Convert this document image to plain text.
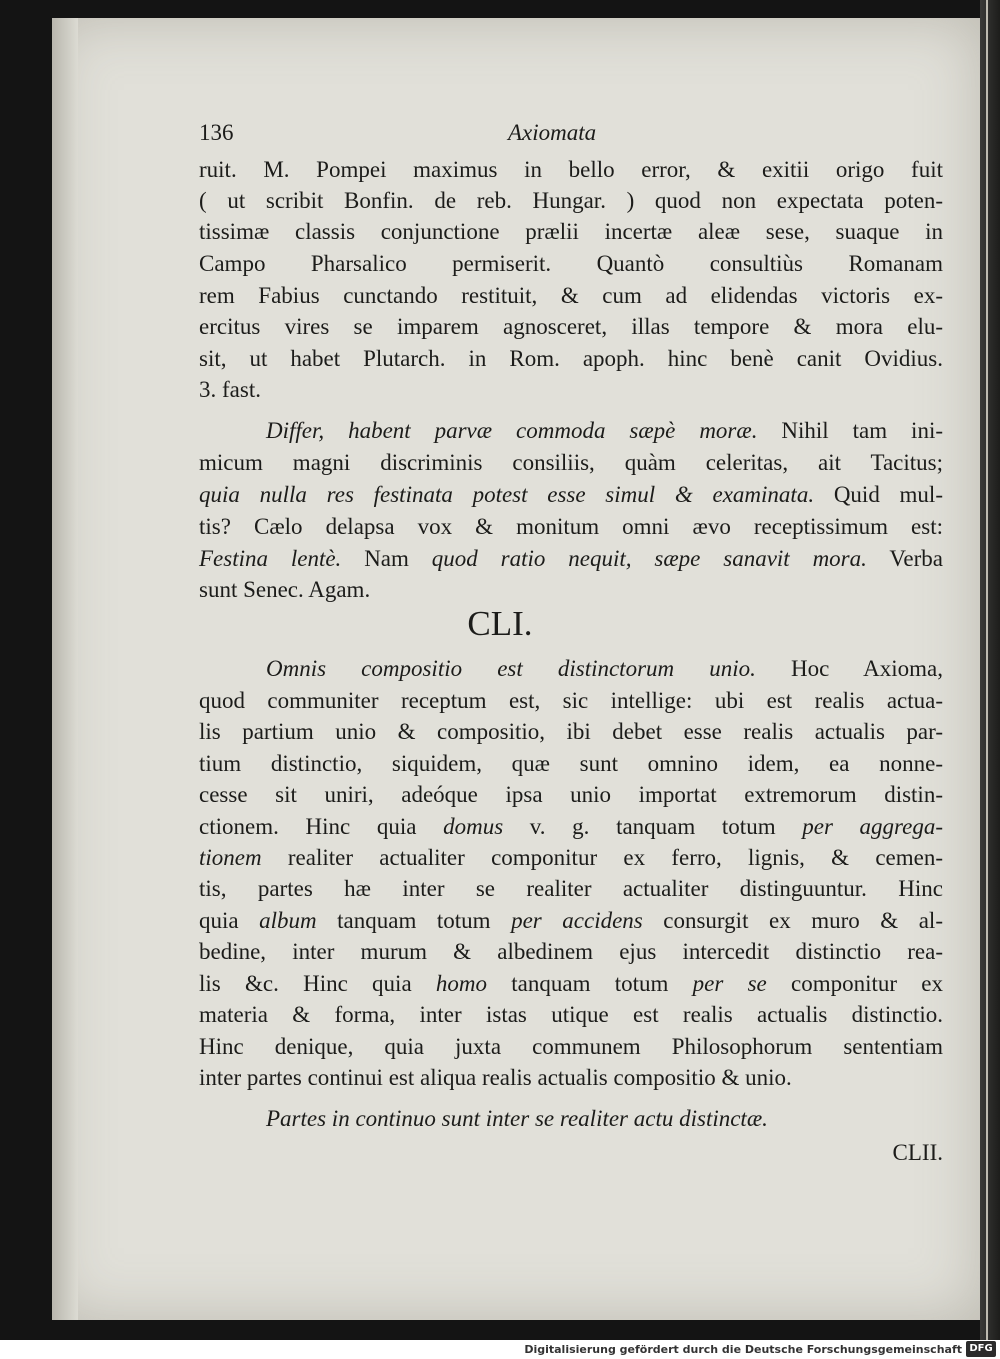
136	Axiomata
ruit. M. Pompei maximus in bello error, & exitii origo fuit
( ut scribit Bonfin. de reb. Hungar. ) quod non expectata poten-
tissimæ classis conjunctione prælii incertæ aleæ sese, suaque in
Campo Pharsalico permiserit. Quantò consultiùs Romanam
rem Fabius cunctando restituit, & cum ad elidendas victoris ex-
ercitus vires se imparem agnosceret, illas tempore & mora elu-
sit, ut habet Plutarch. in Rom. apoph. hinc benè canit Ovidius.
3. fast.
Differ, habent parvæ commoda sæpè moræ. Nihil tam ini-
micum magni discriminis consiliis, quàm celeritas, ait Tacitus;
quia nulla res festinata potest esse simul & examinata. Quid mul-
tis? Cælo delapsa vox & monitum omni ævo receptissimum est:
Festina lentè. Nam quod ratio nequit, sæpe sanavit mora. Verba
sunt Senec. Agam.
CLI.
Omnis compositio est distinctorum unio. Hoc Axioma,
quod communiter receptum est, sic intellige: ubi est realis actua-
lis partium unio & compositio, ibi debet esse realis actualis par-
tium distinctio, siquidem, quæ sunt omnino idem, ea nonne-
cesse sit uniri, adeóque ipsa unio importat extremorum distin-
ctionem. Hinc quia domus v. g. tanquam totum per aggrega-
tionem realiter actualiter componitur ex ferro, lignis, & cemen-
tis, partes hæ inter se realiter actualiter distinguuntur. Hinc
quia album tanquam totum per accidens consurgit ex muro & al-
bedine, inter murum & albedinem ejus intercedit distinctio rea-
lis &c. Hinc quia homo tanquam totum per se componitur ex
materia & forma, inter istas utique est realis actualis distinctio.
Hinc denique, quia juxta communem Philosophorum sententiam
inter partes continui est aliqua realis actualis compositio & unio.
Partes in continuo sunt inter se realiter actu distinctæ.
CLII.
Digitalisierung gefördert durch die Deutsche Forschungsgemeinschaft DFG
